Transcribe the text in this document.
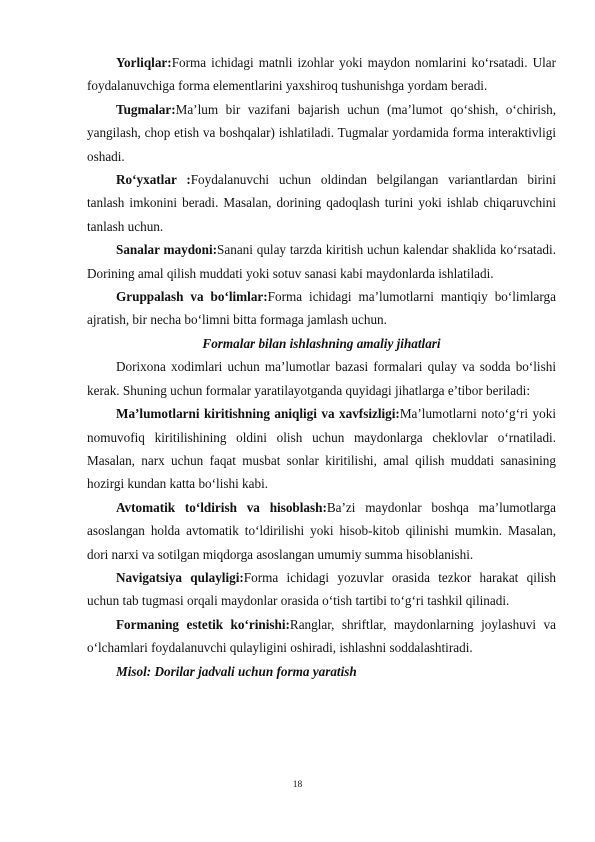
Yorliqlar:Forma ichidagi matnli izohlar yoki maydon nomlarini ko‘rsatadi. Ular foydalanuvchiga forma elementlarini yaxshiroq tushunishga yordam beradi.

Tugmalar:Ma’lum bir vazifani bajarish uchun (ma’lumot qo‘shish, o‘chirish, yangilash, chop etish va boshqalar) ishlatiladi. Tugmalar yordamida forma interaktivligi oshadi.

Ro‘yxatlar :Foydalanuvchi uchun oldindan belgilangan variantlardan birini tanlash imkonini beradi. Masalan, dorining qadoqlash turini yoki ishlab chiqaruvchini tanlash uchun.

Sanalar maydoni:Sanani qulay tarzda kiritish uchun kalendar shaklida ko‘rsatadi. Dorining amal qilish muddati yoki sotuv sanasi kabi maydonlarda ishlatiladi.

Gruppalash va bo‘limlar:Forma ichidagi ma’lumotlarni mantiqiy bo‘limlarga ajratish, bir necha bo‘limni bitta formaga jamlash uchun.

Formalar bilan ishlashning amaliy jihatlari

Dorixona xodimlari uchun ma’lumotlar bazasi formalari qulay va sodda bo‘lishi kerak. Shuning uchun formalar yaratilayotganda quyidagi jihatlarga e’tibor beriladi:

Ma’lumotlarni kiritishning aniqligi va xavfsizligi:Ma’lumotlarni noto‘g‘ri yoki nomuvofiq kiritilishining oldini olish uchun maydonlarga cheklovlar o‘rnatiladi. Masalan, narx uchun faqat musbat sonlar kiritilishi, amal qilish muddati sanasining hozirgi kundan katta bo‘lishi kabi.

Avtomatik to‘ldirish va hisoblash:Ba’zi maydonlar boshqa ma’lumotlarga asoslangan holda avtomatik to‘ldirilishi yoki hisob-kitob qilinishi mumkin. Masalan, dori narxi va sotilgan miqdorga asoslangan umumiy summa hisoblanishi.

Navigatsiya qulayligi:Forma ichidagi yozuvlar orasida tezkor harakat qilish uchun tab tugmasi orqali maydonlar orasida o‘tish tartibi to‘g‘ri tashkil qilinadi.

Formaning estetik ko‘rinishi:Ranglar, shriftlar, maydonlarning joylashuvi va o‘lchamlari foydalanuvchi qulayligini oshiradi, ishlashni soddalashtiradi.

Misol: Dorilar jadvali uchun forma yaratish

18
